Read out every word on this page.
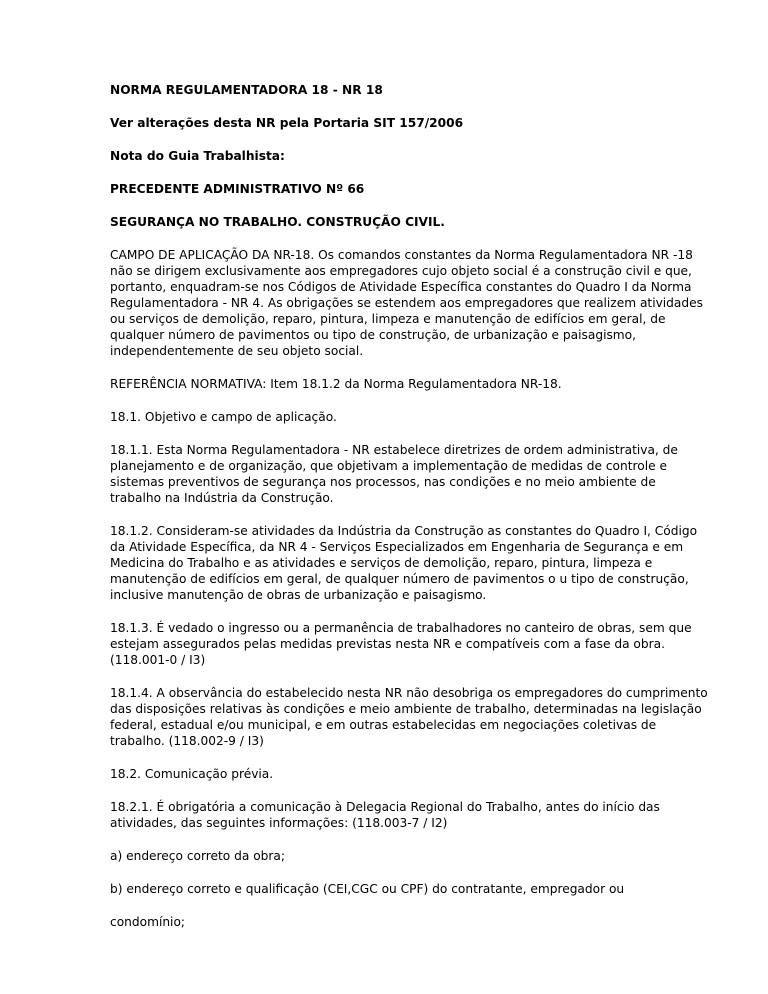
NORMA REGULAMENTADORA 18 - NR 18

Ver alterações desta NR pela Portaria SIT 157/2006

Nota do Guia Trabalhista:

PRECEDENTE ADMINISTRATIVO Nº 66

SEGURANÇA NO TRABALHO. CONSTRUÇÃO CIVIL.

CAMPO DE APLICAÇÃO DA NR-18. Os comandos constantes da Norma Regulamentadora NR -18 não se dirigem exclusivamente aos empregadores cujo objeto social é a construção civil e que, portanto, enquadram-se nos Códigos de Atividade Específica constantes do Quadro I da Norma Regulamentadora - NR 4. As obrigações se estendem aos empregadores que realizem atividades ou serviços de demolição, reparo, pintura, limpeza e manutenção de edifícios em geral, de qualquer número de pavimentos ou tipo de construção, de urbanização e paisagismo, independentemente de seu objeto social.

REFERÊNCIA NORMATIVA: Item 18.1.2 da Norma Regulamentadora NR-18.

18.1. Objetivo e campo de aplicação.

18.1.1. Esta Norma Regulamentadora - NR estabelece diretrizes de ordem administrativa, de planejamento e de organização, que objetivam a implementação de medidas de controle e sistemas preventivos de segurança nos processos, nas condições e no meio ambiente de trabalho na Indústria da Construção.

18.1.2. Consideram-se atividades da Indústria da Construção as constantes do Quadro I, Código da Atividade Específica, da NR 4 - Serviços Especializados em Engenharia de Segurança e em Medicina do Trabalho e as atividades e serviços de demolição, reparo, pintura, limpeza e manutenção de edifícios em geral, de qualquer número de pavimentos o u tipo de construção, inclusive manutenção de obras de urbanização e paisagismo.

18.1.3. É vedado o ingresso ou a permanência de trabalhadores no canteiro de obras, sem que estejam assegurados pelas medidas previstas nesta NR e compatíveis com a fase da obra. (118.001-0 / I3)

18.1.4. A observância do estabelecido nesta NR não desobriga os empregadores do cumprimento das disposições relativas às condições e meio ambiente de trabalho, determinadas na legislação federal, estadual e/ou municipal, e em outras estabelecidas em negociações coletivas de trabalho. (118.002-9 / I3)

18.2. Comunicação prévia.

18.2.1. É obrigatória a comunicação à Delegacia Regional do Trabalho, antes do início das atividades, das seguintes informações: (118.003-7 / I2)

a) endereço correto da obra;

b) endereço correto e qualificação (CEI,CGC ou CPF) do contratante, empregador ou

condomínio;
